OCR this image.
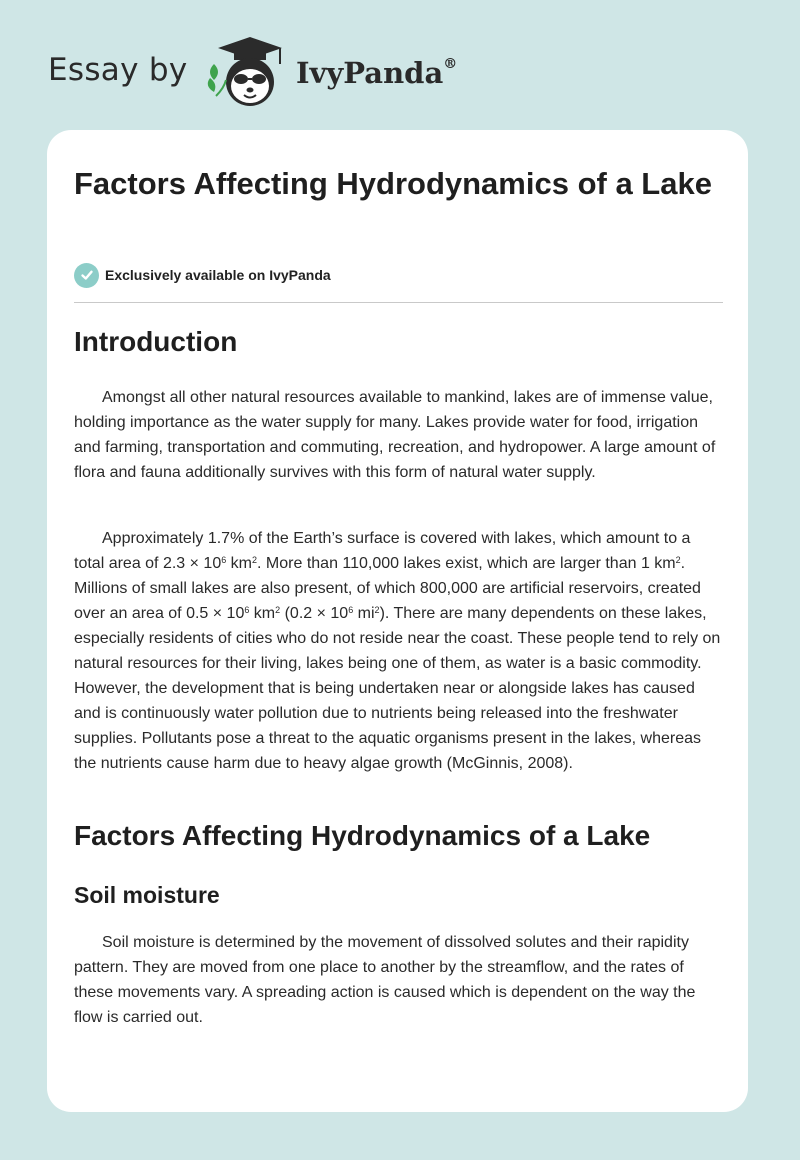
Essay by	IvyPanda®
Factors Affecting Hydrodynamics of a Lake
Exclusively available on IvyPanda
Introduction

Amongst all other natural resources available to mankind, lakes are of immense value, holding importance as the water supply for many. Lakes provide water for food, irrigation and farming, transportation and commuting, recreation, and hydropower. A large amount of flora and fauna additionally survives with this form of natural water supply.

Approximately 1.7% of the Earth’s surface is covered with lakes, which amount to a total area of $2.3 \times 10^6$ $km^2$. More than 110,000 lakes exist, which are larger than 1 $km^2$. Millions of small lakes are also present, of which 800,000 are artificial reservoirs, created over an area of $0.5 \times 10^6$ $km^2$ ($0.2 \times 10^6$ $mi^2$). There are many dependents on these lakes, especially residents of cities who do not reside near the coast. These people tend to rely on natural resources for their living, lakes being one of them, as water is a basic commodity. However, the development that is being undertaken near or alongside lakes has caused and is continuously water pollution due to nutrients being released into the freshwater supplies. Pollutants pose a threat to the aquatic organisms present in the lakes, whereas the nutrients cause harm due to heavy algae growth (McGinnis, 2008).

Factors Affecting Hydrodynamics of a Lake
Soil moisture

Soil moisture is determined by the movement of dissolved solutes and their rapidity pattern. They are moved from one place to another by the streamflow, and the rates of these movements vary. A spreading action is caused which is dependent on the way the flow is carried out.
